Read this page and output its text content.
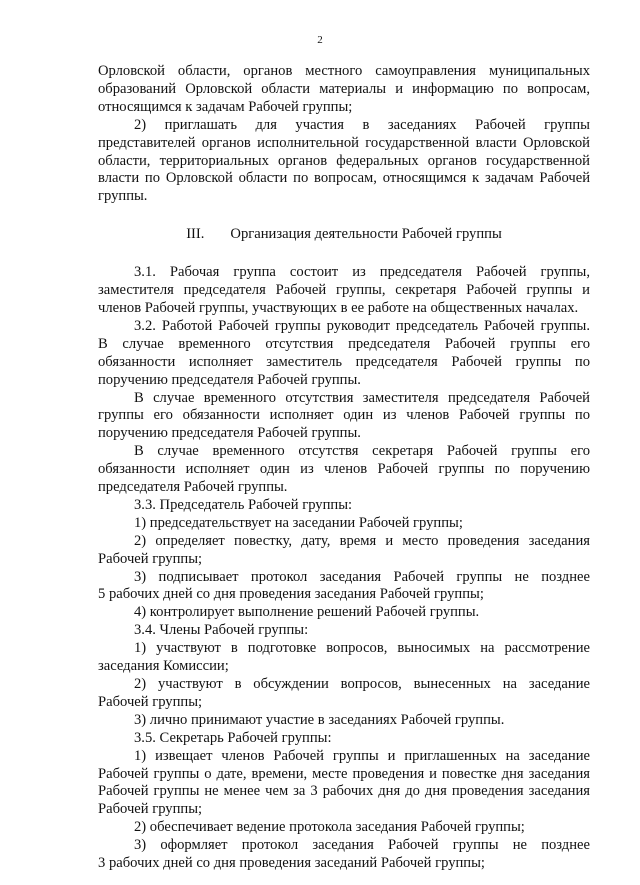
2
Орловской области, органов местного самоуправления муниципальных
образований Орловской области материалы и информацию по вопросам,
относящимся к задачам Рабочей группы;
2) приглашать для участия в заседаниях Рабочей группы
представителей органов исполнительной государственной власти Орловской
области, территориальных органов федеральных органов государственной
власти по Орловской области по вопросам, относящимся к задачам Рабочей
группы.
III. Организация деятельности Рабочей группы
3.1. Рабочая группа состоит из председателя Рабочей группы,
заместителя председателя Рабочей группы, секретаря Рабочей группы и
членов Рабочей группы, участвующих в ее работе на общественных началах.
3.2. Работой Рабочей группы руководит председатель Рабочей группы.
В случае временного отсутствия председателя Рабочей группы его
обязанности исполняет заместитель председателя Рабочей группы по
поручению председателя Рабочей группы.
В случае временного отсутствия заместителя председателя Рабочей
группы его обязанности исполняет один из членов Рабочей группы по
поручению председателя Рабочей группы.
В случае временного отсутствя секретаря Рабочей группы его
обязанности исполняет один из членов Рабочей группы по поручению
председателя Рабочей группы.
3.3. Председатель Рабочей группы:
1) председательствует на заседании Рабочей группы;
2) определяет повестку, дату, время и место проведения заседания
Рабочей группы;
3) подписывает протокол заседания Рабочей группы не позднее
5 рабочих дней со дня проведения заседания Рабочей группы;
4) контролирует выполнение решений Рабочей группы.
3.4. Члены Рабочей группы:
1) участвуют в подготовке вопросов, выносимых на рассмотрение
заседания Комиссии;
2) участвуют в обсуждении вопросов, вынесенных на заседание
Рабочей группы;
3) лично принимают участие в заседаниях Рабочей группы.
3.5. Секретарь Рабочей группы:
1) извещает членов Рабочей группы и приглашенных на заседание
Рабочей группы о дате, времени, месте проведения и повестке дня заседания
Рабочей группы не менее чем за 3 рабочих дня до дня проведения заседания
Рабочей группы;
2) обеспечивает ведение протокола заседания Рабочей группы;
3) оформляет протокол заседания Рабочей группы не позднее
3 рабочих дней со дня проведения заседаний Рабочей группы;
